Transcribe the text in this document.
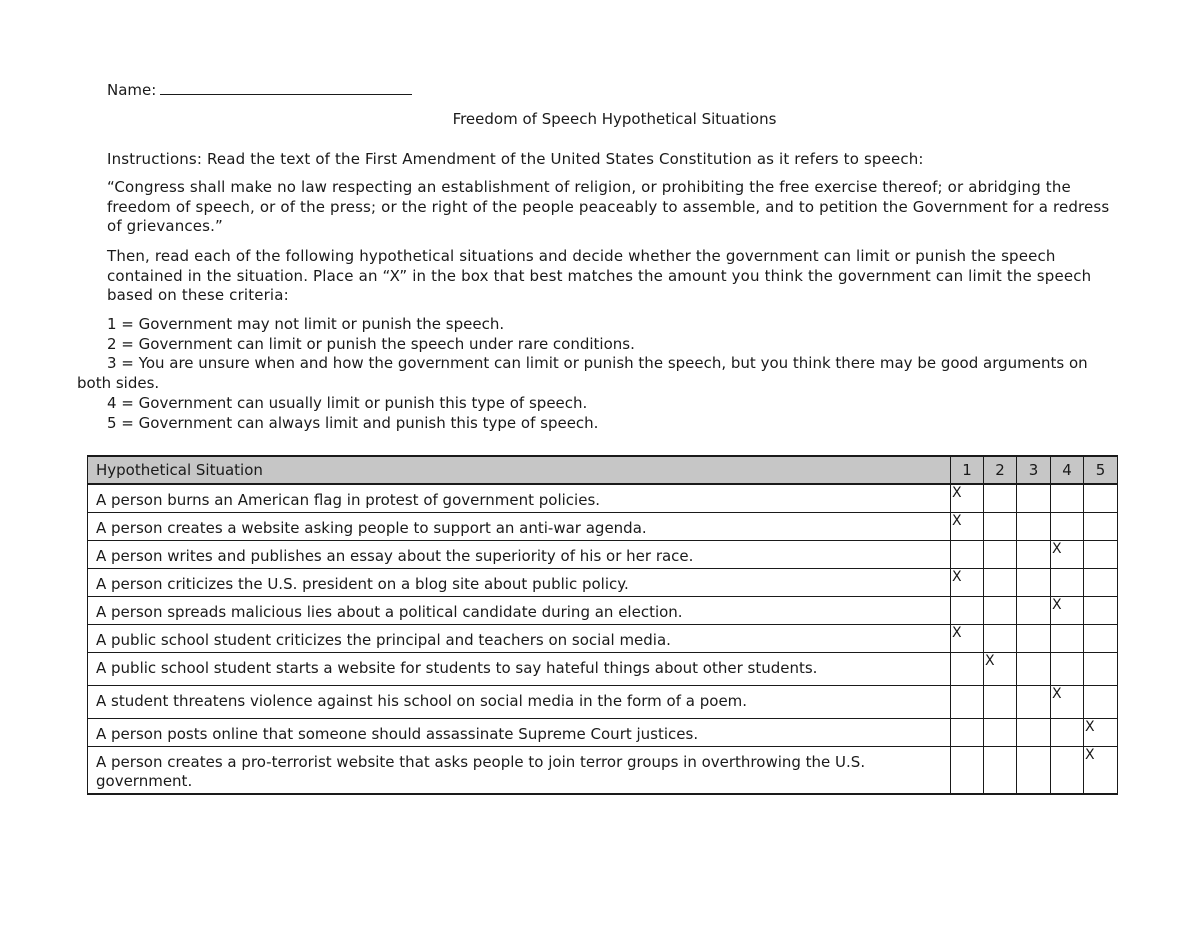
Name:
Freedom of Speech Hypothetical Situations
Instructions: Read the text of the First Amendment of the United States Constitution as it refers to speech:
“Congress shall make no law respecting an establishment of religion, or prohibiting the free exercise thereof; or abridging the freedom of speech, or of the press; or the right of the people peaceably to assemble, and to petition the Government for a redress of grievances.”
Then, read each of the following hypothetical situations and decide whether the government can limit or punish the speech contained in the situation. Place an “X” in the box that best matches the amount you think the government can limit the speech based on these criteria:
1 = Government may not limit or punish the speech.
2 = Government can limit or punish the speech under rare conditions.
3 = You are unsure when and how the government can limit or punish the speech, but you think there may be good arguments on both sides.
4 = Government can usually limit or punish this type of speech.
5 = Government can always limit and punish this type of speech.
Hypothetical Situation	1	2	3	4	5
A person burns an American flag in protest of government policies.	X				
A person creates a website asking people to support an anti-war agenda.	X				
A person writes and publishes an essay about the superiority of his or her race.				X	
A person criticizes the U.S. president on a blog site about public policy.	X				
A person spreads malicious lies about a political candidate during an election.				X	
A public school student criticizes the principal and teachers on social media.	X				
A public school student starts a website for students to say hateful things about other students.		X			
A student threatens violence against his school on social media in the form of a poem.				X	
A person posts online that someone should assassinate Supreme Court justices.					X
A person creates a pro-terrorist website that asks people to join terror groups in overthrowing the U.S. government.					X
